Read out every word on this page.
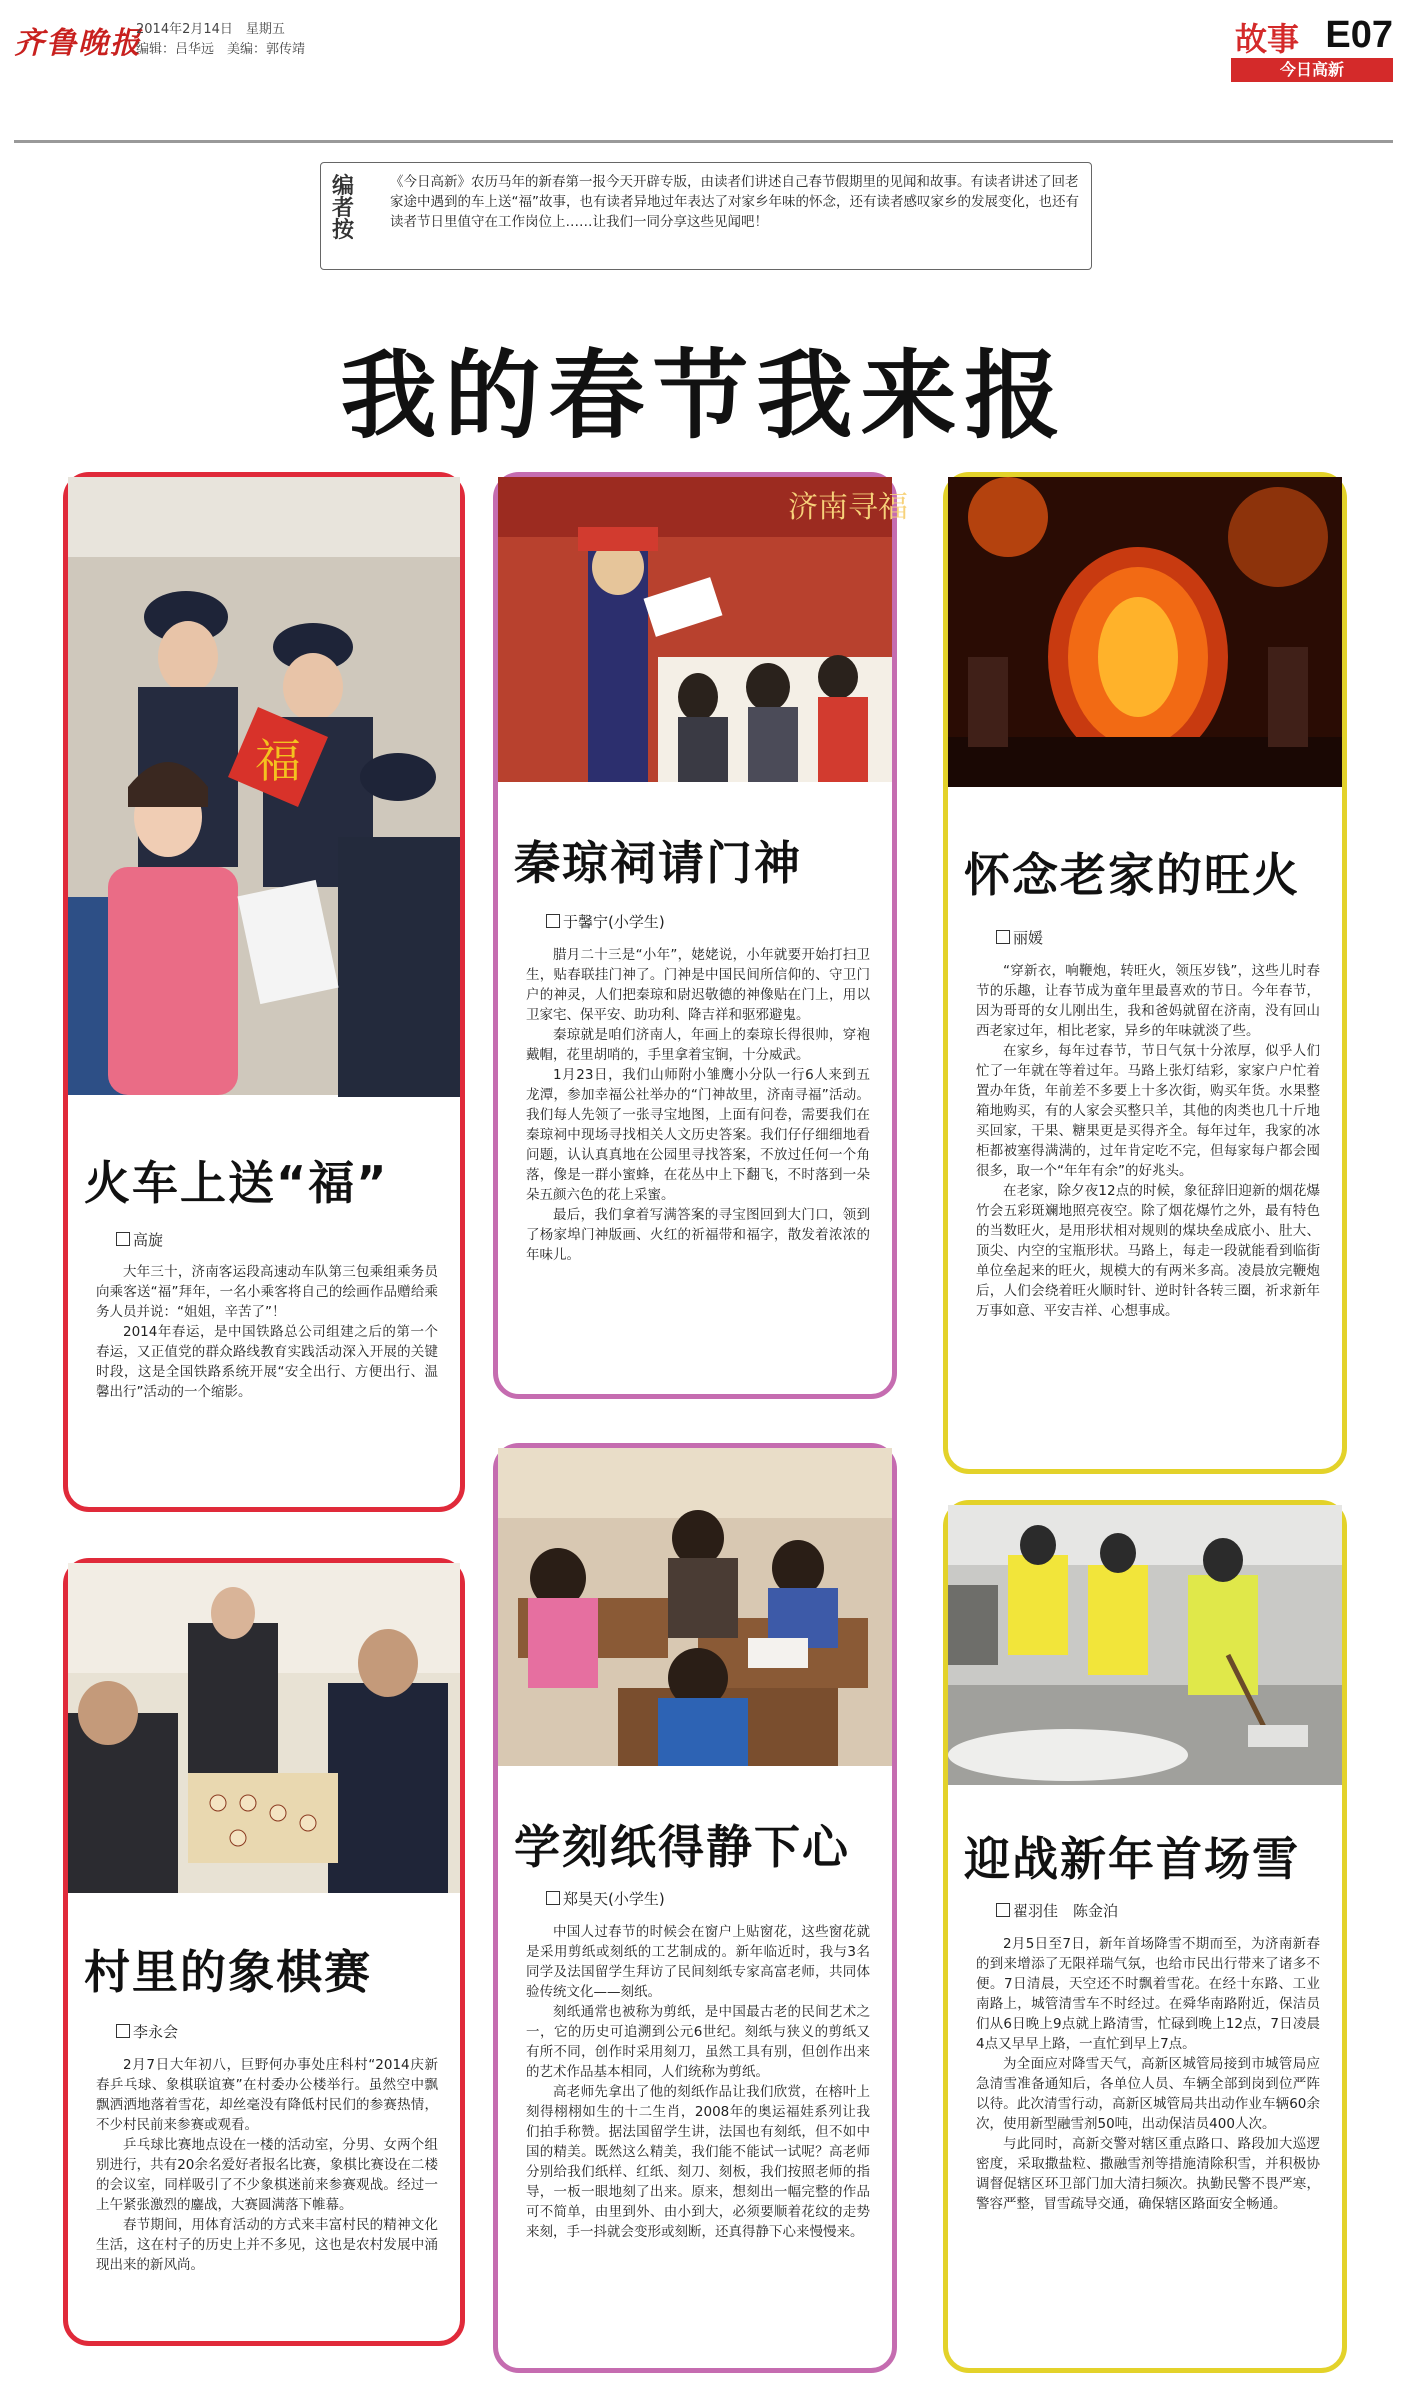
齐鲁晚报
2014年2月14日　星期五
编辑：吕华远　美编：郭传靖	故事 E07
今日高新
编者按
《今日高新》农历马年的新春第一报今天开辟专版，由读者们讲述自己春节假期里的见闻和故事。有读者讲述了回老家途中遇到的车上送“福”故事，也有读者异地过年表达了对家乡年味的怀念，还有读者感叹家乡的发展变化，也还有读者节日里值守在工作岗位上……让我们一同分享这些见闻吧！
我的春节我来报
福
火车上送“福”
高旋

大年三十，济南客运段高速动车队第三包乘组乘务员向乘客送“福”拜年，一名小乘客将自己的绘画作品赠给乘务人员并说：“姐姐，辛苦了”！

2014年春运，是中国铁路总公司组建之后的第一个春运，又正值党的群众路线教育实践活动深入开展的关键时段，这是全国铁路系统开展“安全出行、方便出行、温馨出行”活动的一个缩影。

济南寻福
秦琼祠请门神
于馨宁(小学生)

腊月二十三是“小年”，姥姥说，小年就要开始打扫卫生，贴春联挂门神了。门神是中国民间所信仰的、守卫门户的神灵，人们把秦琼和尉迟敬德的神像贴在门上，用以卫家宅、保平安、助功利、降吉祥和驱邪避鬼。

秦琼就是咱们济南人，年画上的秦琼长得很帅，穿袍戴帽，花里胡哨的，手里拿着宝锏，十分威武。

1月23日，我们山师附小雏鹰小分队一行6人来到五龙潭，参加幸福公社举办的“门神故里，济南寻福”活动。我们每人先领了一张寻宝地图，上面有问卷，需要我们在秦琼祠中现场寻找相关人文历史答案。我们仔仔细细地看问题，认认真真地在公园里寻找答案，不放过任何一个角落，像是一群小蜜蜂，在花丛中上下翻飞，不时落到一朵朵五颜六色的花上采蜜。

最后，我们拿着写满答案的寻宝图回到大门口，领到了杨家埠门神版画、火红的祈福带和福字，散发着浓浓的年味儿。

怀念老家的旺火
丽媛

“穿新衣，响鞭炮，转旺火，领压岁钱”，这些儿时春节的乐趣，让春节成为童年里最喜欢的节日。今年春节，因为哥哥的女儿刚出生，我和爸妈就留在济南，没有回山西老家过年，相比老家，异乡的年味就淡了些。

在家乡，每年过春节，节日气氛十分浓厚，似乎人们忙了一年就在等着过年。马路上张灯结彩，家家户户忙着置办年货，年前差不多要上十多次街，购买年货。水果整箱地购买，有的人家会买整只羊，其他的肉类也几十斤地买回家，干果、糖果更是买得齐全。每年过年，我家的冰柜都被塞得满满的，过年肯定吃不完，但每家每户都会囤很多，取一个“年年有余”的好兆头。

在老家，除夕夜12点的时候，象征辞旧迎新的烟花爆竹会五彩斑斓地照亮夜空。除了烟花爆竹之外，最有特色的当数旺火，是用形状相对规则的煤块垒成底小、肚大、顶尖、内空的宝瓶形状。马路上，每走一段就能看到临街单位垒起来的旺火，规模大的有两米多高。凌晨放完鞭炮后，人们会绕着旺火顺时针、逆时针各转三圈，祈求新年万事如意、平安吉祥、心想事成。

村里的象棋赛
李永会

2月7日大年初八，巨野何办事处庄科村“2014庆新春乒乓球、象棋联谊赛”在村委办公楼举行。虽然空中飘飘洒洒地落着雪花，却丝毫没有降低村民们的参赛热情，不少村民前来参赛或观看。

乒乓球比赛地点设在一楼的活动室，分男、女两个组别进行，共有20余名爱好者报名比赛，象棋比赛设在二楼的会议室，同样吸引了不少象棋迷前来参赛观战。经过一上午紧张激烈的鏖战，大赛圆满落下帷幕。

春节期间，用体育活动的方式来丰富村民的精神文化生活，这在村子的历史上并不多见，这也是农村发展中涌现出来的新风尚。

学刻纸得静下心
郑昊天(小学生)

中国人过春节的时候会在窗户上贴窗花，这些窗花就是采用剪纸或刻纸的工艺制成的。新年临近时，我与3名同学及法国留学生拜访了民间刻纸专家高富老师，共同体验传统文化——刻纸。

刻纸通常也被称为剪纸，是中国最古老的民间艺术之一，它的历史可追溯到公元6世纪。刻纸与狭义的剪纸又有所不同，创作时采用刻刀，虽然工具有别，但创作出来的艺术作品基本相同，人们统称为剪纸。

高老师先拿出了他的刻纸作品让我们欣赏，在榕叶上刻得栩栩如生的十二生肖，2008年的奥运福娃系列让我们拍手称赞。据法国留学生讲，法国也有刻纸，但不如中国的精美。既然这么精美，我们能不能试一试呢？高老师分别给我们纸样、红纸、刻刀、刻板，我们按照老师的指导，一板一眼地刻了出来。原来，想刻出一幅完整的作品可不简单，由里到外、由小到大，必须要顺着花纹的走势来刻，手一抖就会变形或刻断，还真得静下心来慢慢来。

迎战新年首场雪
翟羽佳　陈金泊

2月5日至7日，新年首场降雪不期而至，为济南新春的到来增添了无限祥瑞气氛，也给市民出行带来了诸多不便。7日清晨，天空还不时飘着雪花。在经十东路、工业南路上，城管清雪车不时经过。在舜华南路附近，保洁员们从6日晚上9点就上路清雪，忙碌到晚上12点，7日凌晨4点又早早上路，一直忙到早上7点。

为全面应对降雪天气，高新区城管局接到市城管局应急清雪准备通知后，各单位人员、车辆全部到岗到位严阵以待。此次清雪行动，高新区城管局共出动作业车辆60余次，使用新型融雪剂50吨，出动保洁员400人次。

与此同时，高新交警对辖区重点路口、路段加大巡逻密度，采取撒盐粒、撒融雪剂等措施清除积雪，并积极协调督促辖区环卫部门加大清扫频次。执勤民警不畏严寒，警容严整，冒雪疏导交通，确保辖区路面安全畅通。
